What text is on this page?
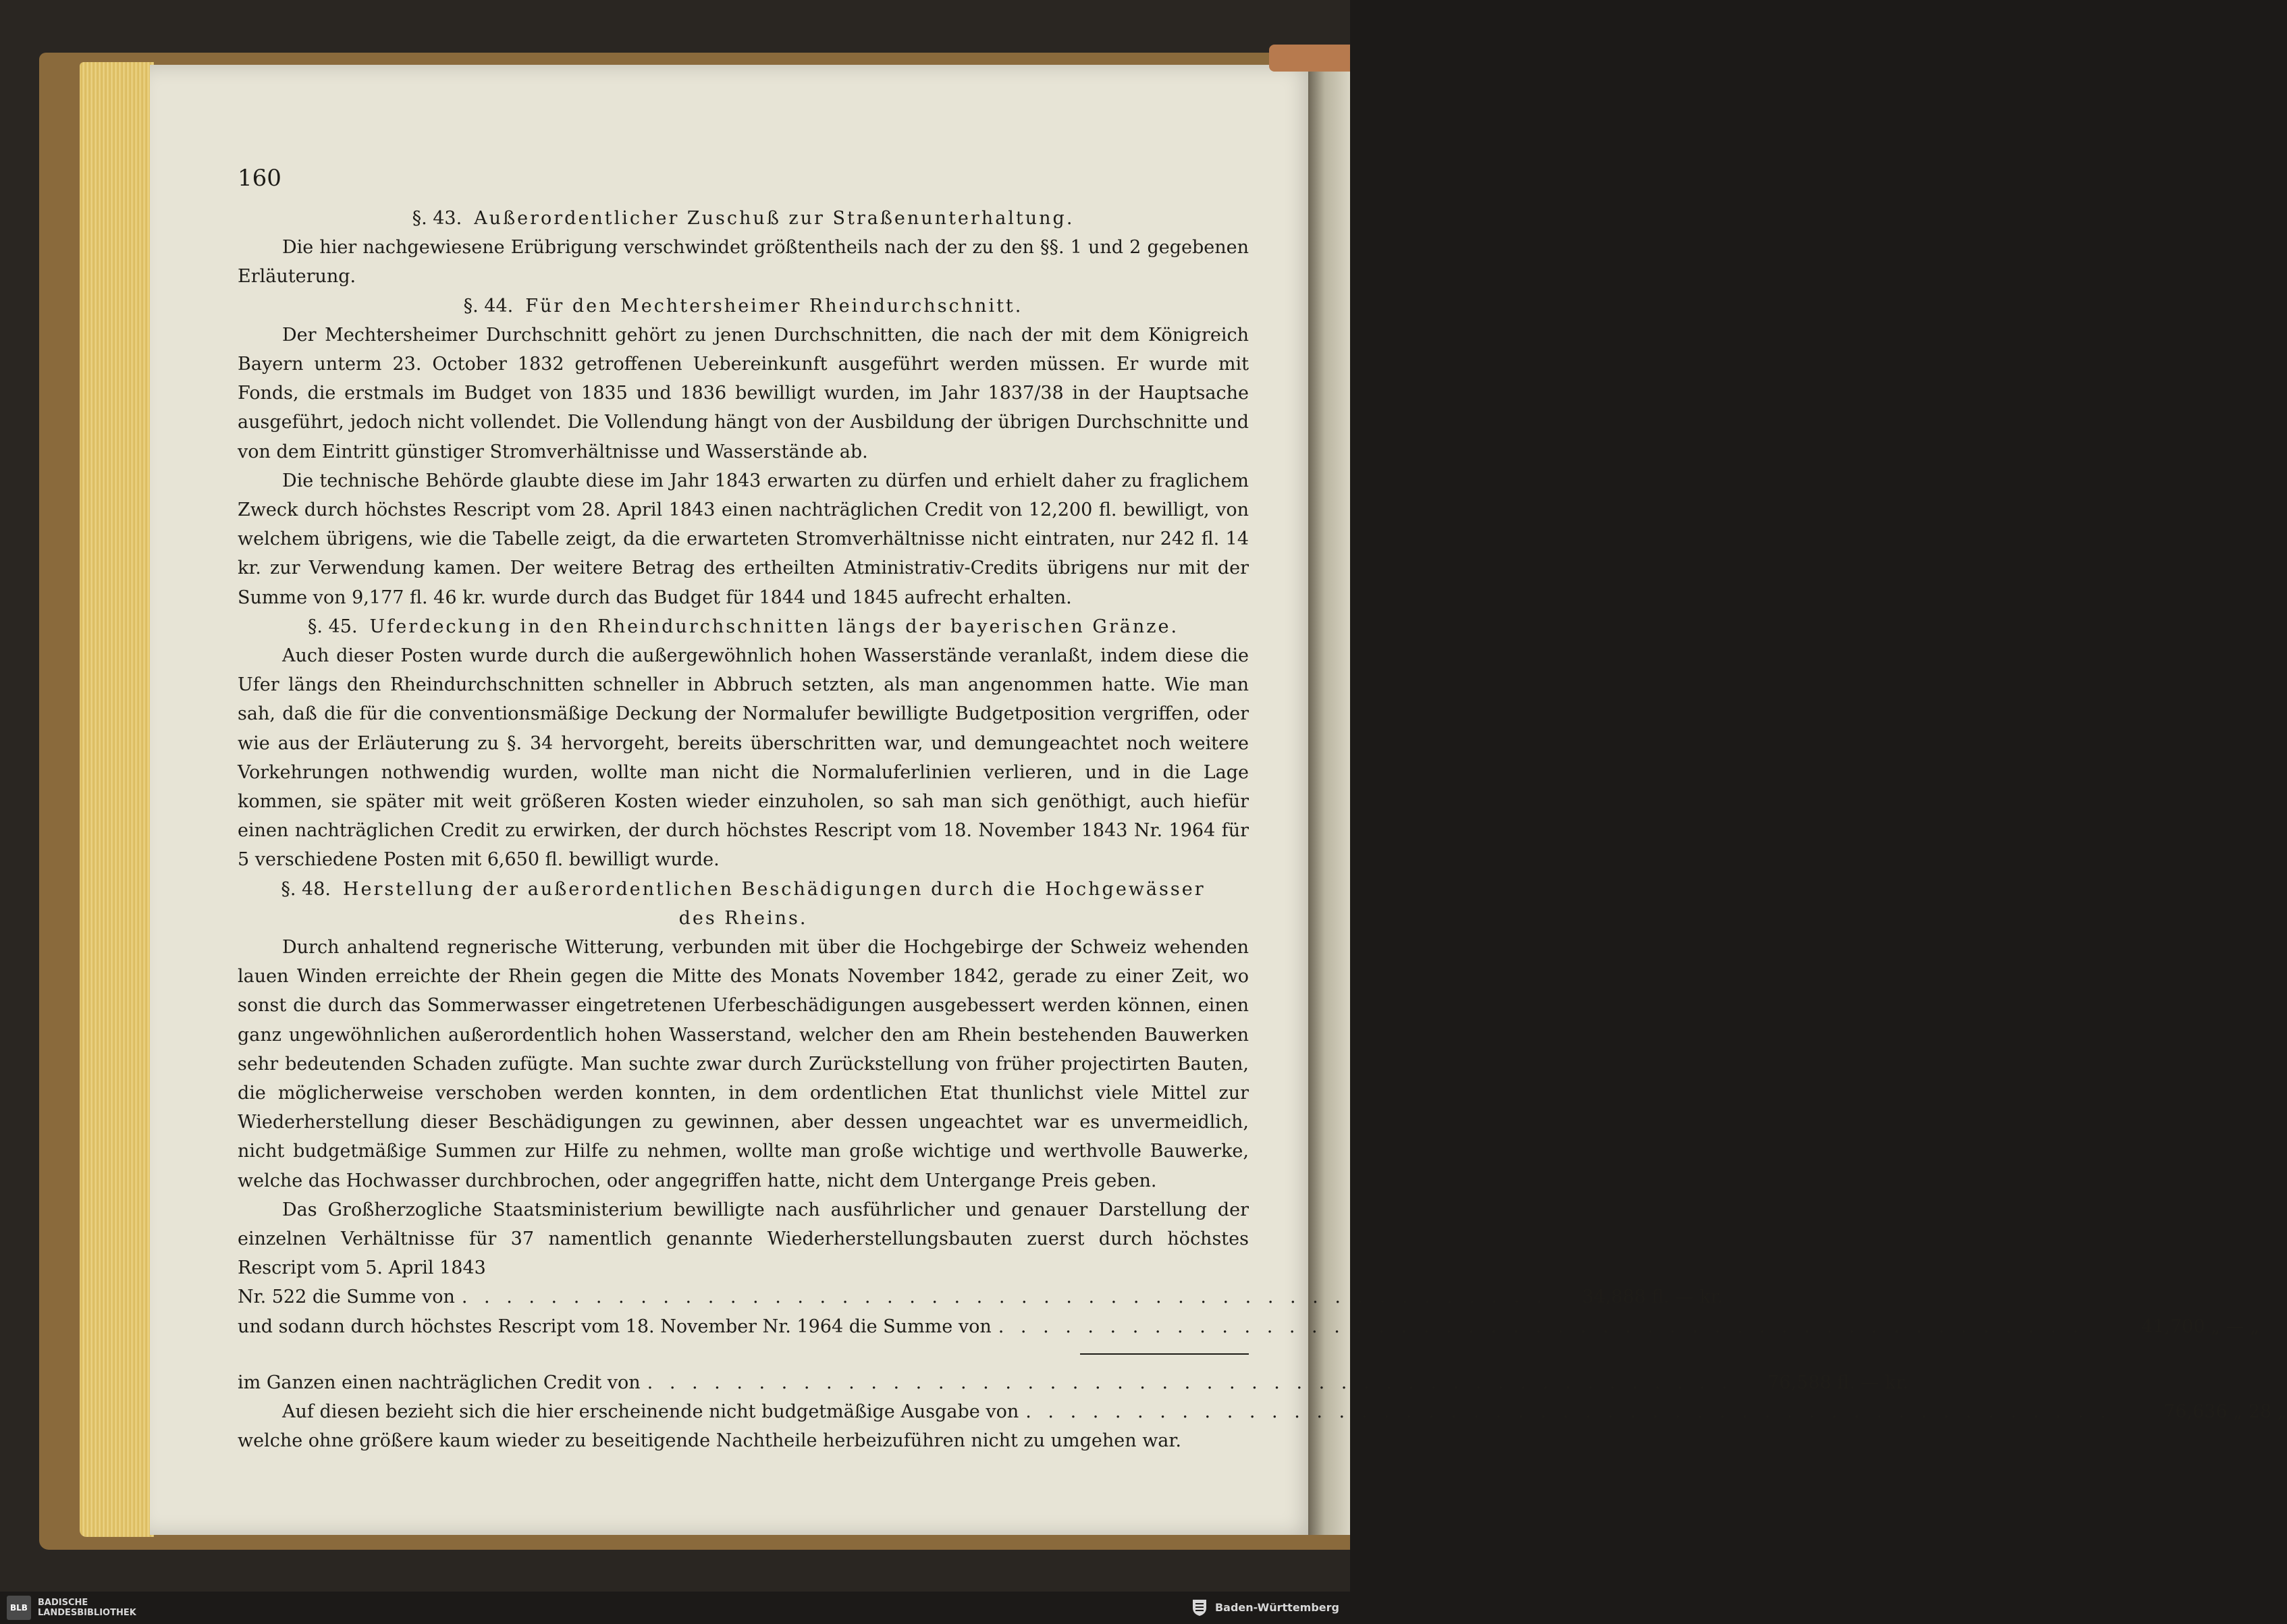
160

§. 43. Außerordentlicher Zuschuß zur Straßenunterhaltung.

Die hier nachgewiesene Erübrigung verschwindet größtentheils nach der zu den §§. 1 und 2 gegebenen Erläuterung.

§. 44. Für den Mechtersheimer Rheindurchschnitt.

Der Mechtersheimer Durchschnitt gehört zu jenen Durchschnitten, die nach der mit dem Königreich Bayern unterm 23. October 1832 getroffenen Uebereinkunft ausgeführt werden müssen. Er wurde mit Fonds, die erstmals im Budget von 1835 und 1836 bewilligt wurden, im Jahr 1837/38 in der Hauptsache ausgeführt, jedoch nicht vollendet. Die Vollendung hängt von der Ausbildung der übrigen Durchschnitte und von dem Eintritt günstiger Stromverhältnisse und Wasserstände ab.

Die technische Behörde glaubte diese im Jahr 1843 erwarten zu dürfen und erhielt daher zu fraglichem Zweck durch höchstes Rescript vom 28. April 1843 einen nachträglichen Credit von 12,200 fl. bewilligt, von welchem übrigens, wie die Tabelle zeigt, da die erwarteten Stromverhältnisse nicht eintraten, nur 242 fl. 14 kr. zur Verwendung kamen. Der weitere Betrag des ertheilten Atministrativ-Credits übrigens nur mit der Summe von 9,177 fl. 46 kr. wurde durch das Budget für 1844 und 1845 aufrecht erhalten.

§. 45. Uferdeckung in den Rheindurchschnitten längs der bayerischen Gränze.

Auch dieser Posten wurde durch die außergewöhnlich hohen Wasserstände veranlaßt, indem diese die Ufer längs den Rheindurchschnitten schneller in Abbruch setzten, als man angenommen hatte. Wie man sah, daß die für die conventionsmäßige Deckung der Normalufer bewilligte Budgetposition vergriffen, oder wie aus der Erläuterung zu §. 34 hervorgeht, bereits überschritten war, und demungeachtet noch weitere Vorkehrungen nothwendig wurden, wollte man nicht die Normaluferlinien verlieren, und in die Lage kommen, sie später mit weit größeren Kosten wieder einzuholen, so sah man sich genöthigt, auch hiefür einen nachträglichen Credit zu erwirken, der durch höchstes Rescript vom 18. November 1843 Nr. 1964 für 5 verschiedene Posten mit 6,650 fl. bewilligt wurde.

§. 48. Herstellung der außerordentlichen Beschädigungen durch die Hochgewässer

des Rheins.

Durch anhaltend regnerische Witterung, verbunden mit über die Hochgebirge der Schweiz wehenden lauen Winden erreichte der Rhein gegen die Mitte des Monats November 1842, gerade zu einer Zeit, wo sonst die durch das Sommerwasser eingetretenen Uferbeschädigungen ausgebessert werden können, einen ganz ungewöhnlichen außerordentlich hohen Wasserstand, welcher den am Rhein bestehenden Bauwerken sehr bedeutenden Schaden zufügte. Man suchte zwar durch Zurückstellung von früher projectirten Bauten, die möglicherweise verschoben werden konnten, in dem ordentlichen Etat thunlichst viele Mittel zur Wiederherstellung dieser Beschädigungen zu gewinnen, aber dessen ungeachtet war es unvermeidlich, nicht budgetmäßige Summen zur Hilfe zu nehmen, wollte man große wichtige und werthvolle Bauwerke, welche das Hochwasser durchbrochen, oder angegriffen hatte, nicht dem Untergange Preis geben.

Das Großherzogliche Staatsministerium bewilligte nach ausführlicher und genauer Darstellung der einzelnen Verhältnisse für 37 namentlich genannte Wiederherstellungsbauten zuerst durch höchstes Rescript vom 5. April 1843

Nr. 522 die Summe von . . . . . . . . . . . . . . . . . . . . . . . . . . . . . . . . . . . . . . . . . . . . . . . . .	34,888 fl. — kr.
und sodann durch höchstes Rescript vom 18. November Nr. 1964 die Summe von . . . . . . . . . . . . . . . . . . . . . . . . . . . . . . . . . . . . . . . . . . . . . . . . .	41,700 „ — „
im Ganzen einen nachträglichen Credit von . . . . . . . . . . . . . . . . . . . . . . . . . . . . . . . . . . . . . . . . . . . . . . . . .	76,588 fl. — kr.
Auf diesen bezieht sich die hier erscheinende nicht budgetmäßige Ausgabe von . . . . . . . . . . . . . . . . . . . . . . . . . . . . . . . . . . . . . . . . . . . . . . . . .	76,636 „ 28 „

welche ohne größere kaum wieder zu beseitigende Nachtheile herbeizuführen nicht zu umgehen war.

BLB	BADISCHE
LANDESBIBLIOTHEK	Baden-Württemberg
